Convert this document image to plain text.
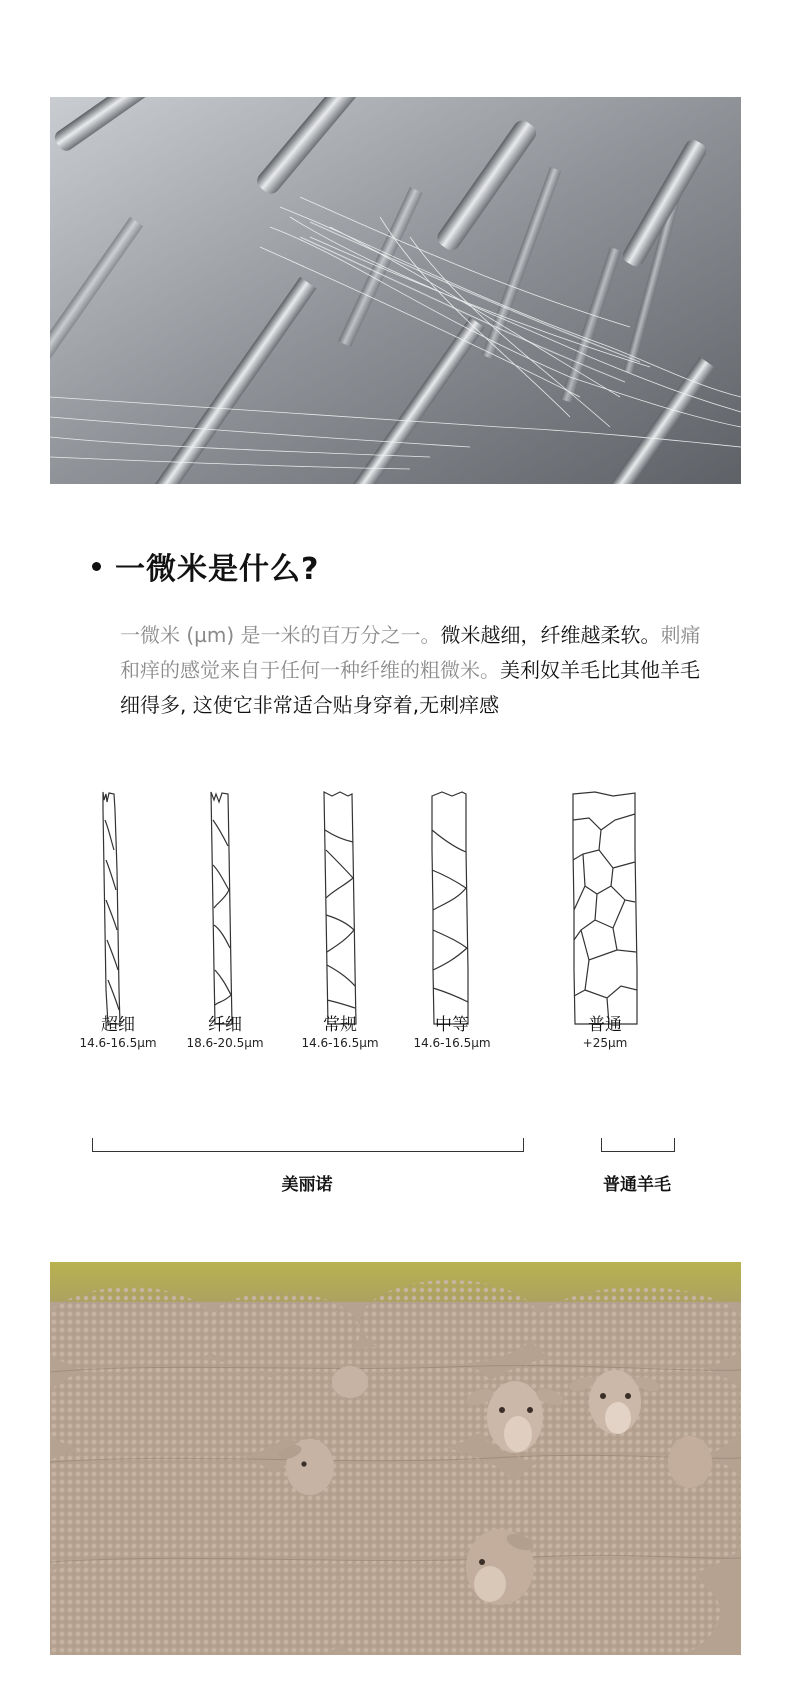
一微米是什么?
一微米 (µm) 是一米的百万分之一。微米越细，纤维越柔软。刺痛和痒的感觉来自于任何一种纤维的粗微米。美利奴羊毛比其他羊毛细得多, 这使它非常适合贴身穿着,无刺痒感
超细
14.6-16.5µm
纤细
18.6-20.5µm
常规
14.6-16.5µm
中等
14.6-16.5µm
普通
+25µm
美丽诺	普通羊毛
